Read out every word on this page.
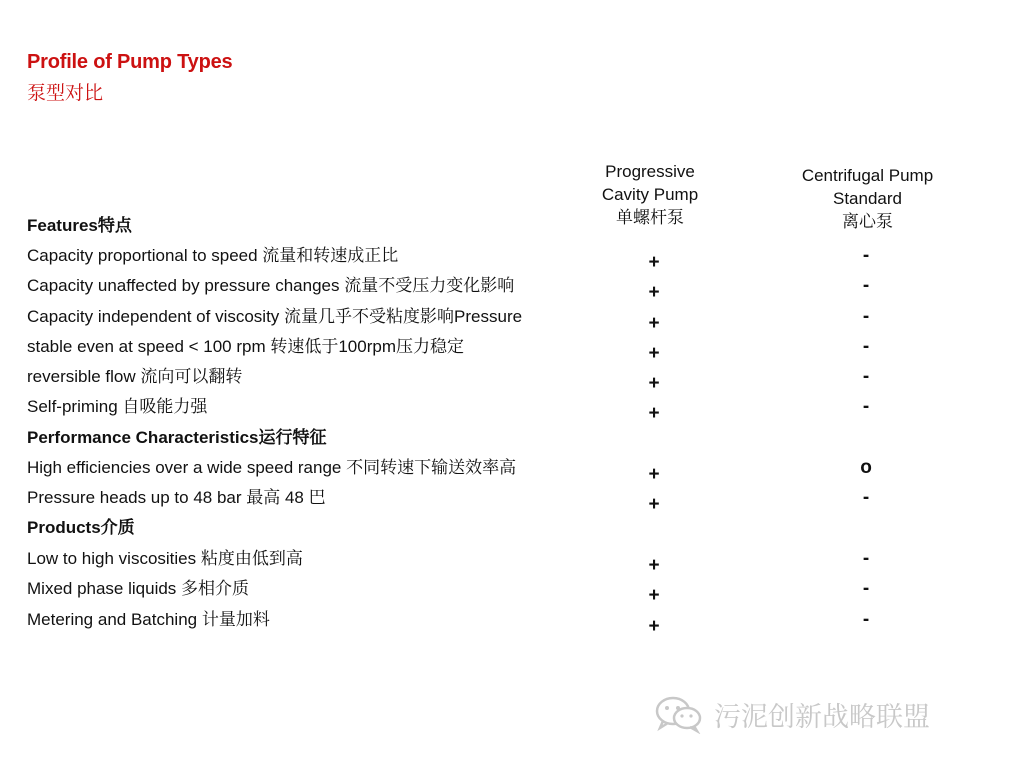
Profile of Pump Types
泵型对比
Progressive
Cavity Pump
单螺杆泵
Centrifugal Pump
Standard
离心泵
Features特点
Capacity proportional to speed 流量和转速成正比	+	-
Capacity unaffected by pressure changes 流量不受压力变化影响	+	-
Capacity independent of viscosity 流量几乎不受粘度影响Pressure	+	-
stable even at speed < 100 rpm 转速低于100rpm压力稳定	+	-
reversible flow 流向可以翻转	+	-
Self-priming 自吸能力强	+	-
Performance Characteristics运行特征
High efficiencies over a wide speed range 不同转速下输送效率高	+	o
Pressure heads up to 48 bar 最高 48 巴	+	-
Products介质
Low to high viscosities 粘度由低到高	+	-
Mixed phase liquids 多相介质	+	-
Metering and Batching 计量加料	+	-
污泥创新战略联盟
